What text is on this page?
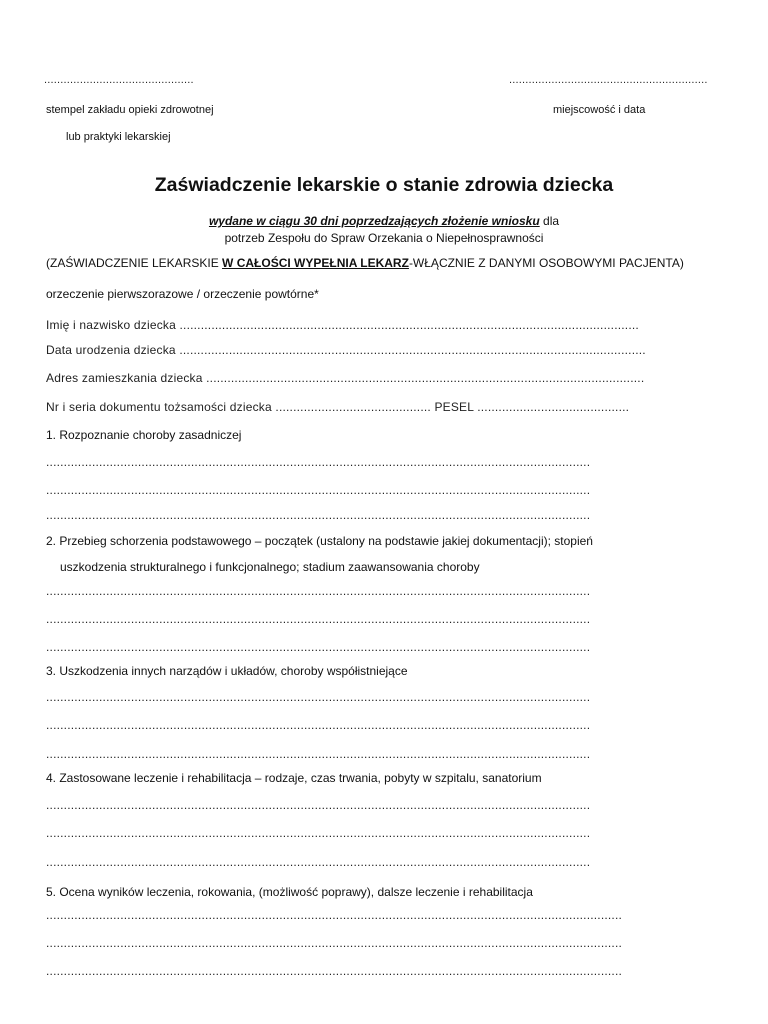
..............................................	.............................................................
stempel zakładu opieki zdrowotnej	miejscowość i data
lub praktyki lekarskiej
Zaświadczenie lekarskie o stanie zdrowia dziecka
wydane w ciągu 30 dni poprzedzających złożenie wniosku dla
potrzeb Zespołu do Spraw Orzekania o Niepełnosprawności
(ZAŚWIADCZENIE LEKARSKIE W CAŁOŚCI WYPEŁNIA LEKARZ-WŁĄCZNIE Z DANYMI OSOBOWYMI PACJENTA)
orzeczenie pierwszorazowe / orzeczenie powtórne*
Imię i nazwisko dziecka ..................................................................................................................................
Data urodzenia dziecka ....................................................................................................................................
Adres zamieszkania dziecka ............................................................................................................................
Nr i seria dokumentu tożsamości dziecka ............................................ PESEL ...........................................
1. Rozpoznanie choroby zasadniczej
..........................................................................................................................................................
..........................................................................................................................................................
..........................................................................................................................................................
2. Przebieg schorzenia podstawowego – początek (ustalony na podstawie jakiej dokumentacji); stopień
uszkodzenia strukturalnego i funkcjonalnego; stadium zaawansowania choroby
..........................................................................................................................................................
..........................................................................................................................................................
..........................................................................................................................................................
3. Uszkodzenia innych narządów i układów, choroby współistniejące
..........................................................................................................................................................
..........................................................................................................................................................
..........................................................................................................................................................
4. Zastosowane leczenie i rehabilitacja – rodzaje, czas trwania, pobyty w szpitalu, sanatorium
..........................................................................................................................................................
..........................................................................................................................................................
..........................................................................................................................................................
5. Ocena wyników leczenia, rokowania, (możliwość poprawy), dalsze leczenie i rehabilitacja
...................................................................................................................................................................
...................................................................................................................................................................
...................................................................................................................................................................
